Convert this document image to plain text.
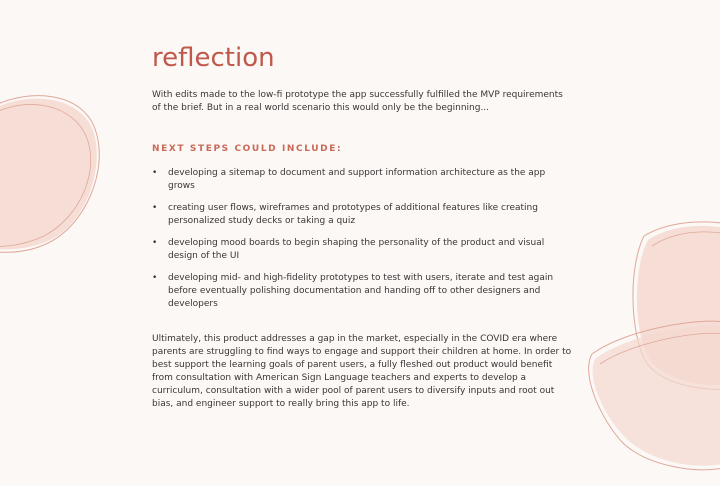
reflection

With edits made to the low-fi prototype the app successfully fulfilled the MVP requirements of the brief. But in a real world scenario this would only be the beginning...

NEXT STEPS COULD INCLUDE:
•	developing a sitemap to document and support information architecture as the app grows
•	creating user flows, wireframes and prototypes of additional features like creating personalized study decks or taking a quiz
•	developing mood boards to begin shaping the personality of the product and visual design of the UI
•	developing mid- and high-fidelity prototypes to test with users, iterate and test again before eventually polishing documentation and handing off to other designers and developers

Ultimately, this product addresses a gap in the market, especially in the COVID era where parents are struggling to find ways to engage and support their children at home. In order to best support the learning goals of parent users, a fully fleshed out product would benefit from consultation with American Sign Language teachers and experts to develop a curriculum, consultation with a wider pool of parent users to diversify inputs and root out bias, and engineer support to really bring this app to life.
